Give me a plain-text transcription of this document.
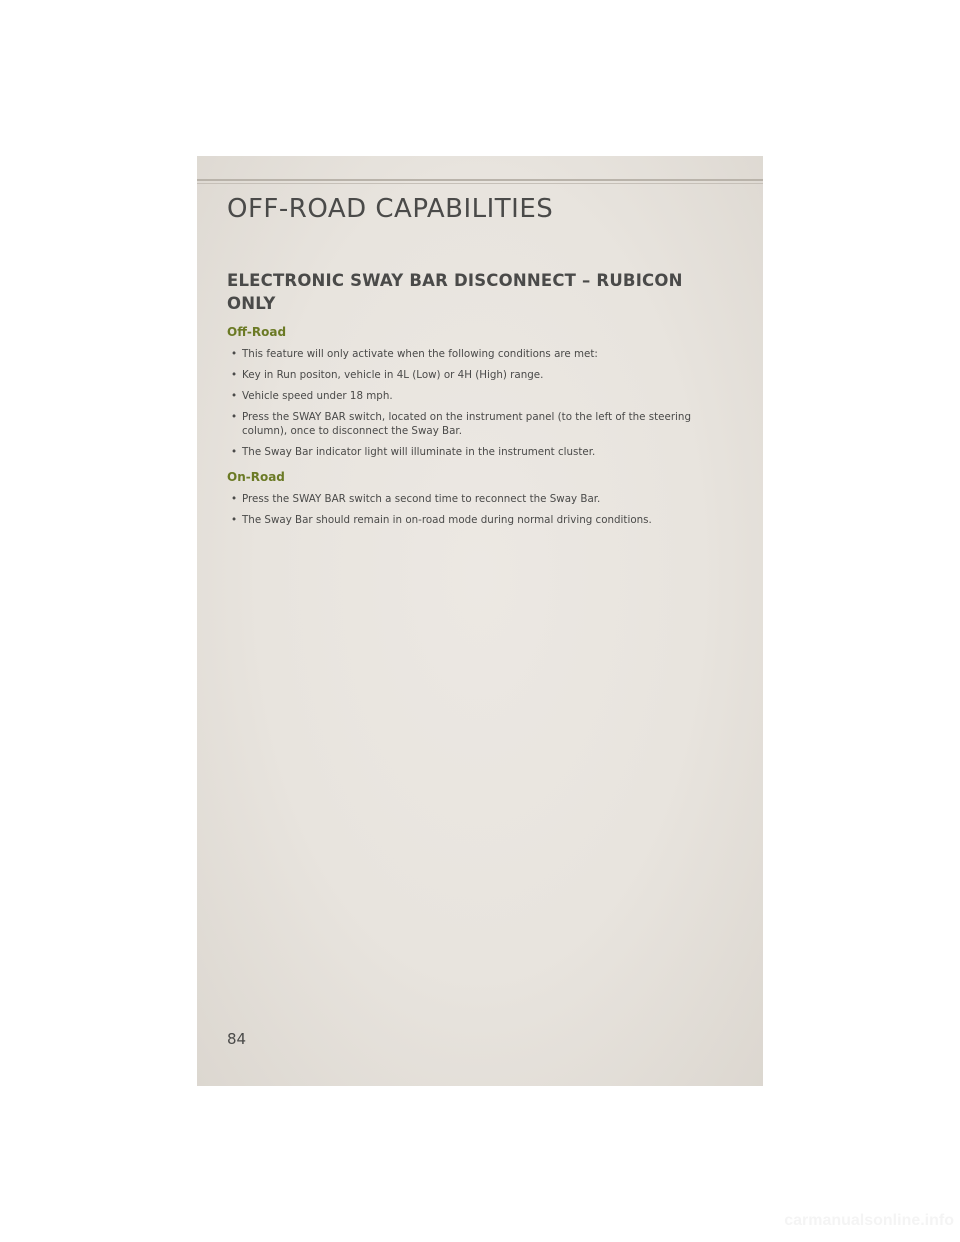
OFF-ROAD CAPABILITIES
ELECTRONIC SWAY BAR DISCONNECT – RUBICON ONLY
Off-Road
• This feature will only activate when the following conditions are met:
• Key in Run positon, vehicle in 4L (Low) or 4H (High) range.
• Vehicle speed under 18 mph.
• Press the SWAY BAR switch, located on the instrument panel (to the left of the steering column), once to disconnect the Sway Bar.
• The Sway Bar indicator light will illuminate in the instrument cluster.
On-Road
• Press the SWAY BAR switch a second time to reconnect the Sway Bar.
• The Sway Bar should remain in on-road mode during normal driving conditions.
84
carmanualsonline.info
